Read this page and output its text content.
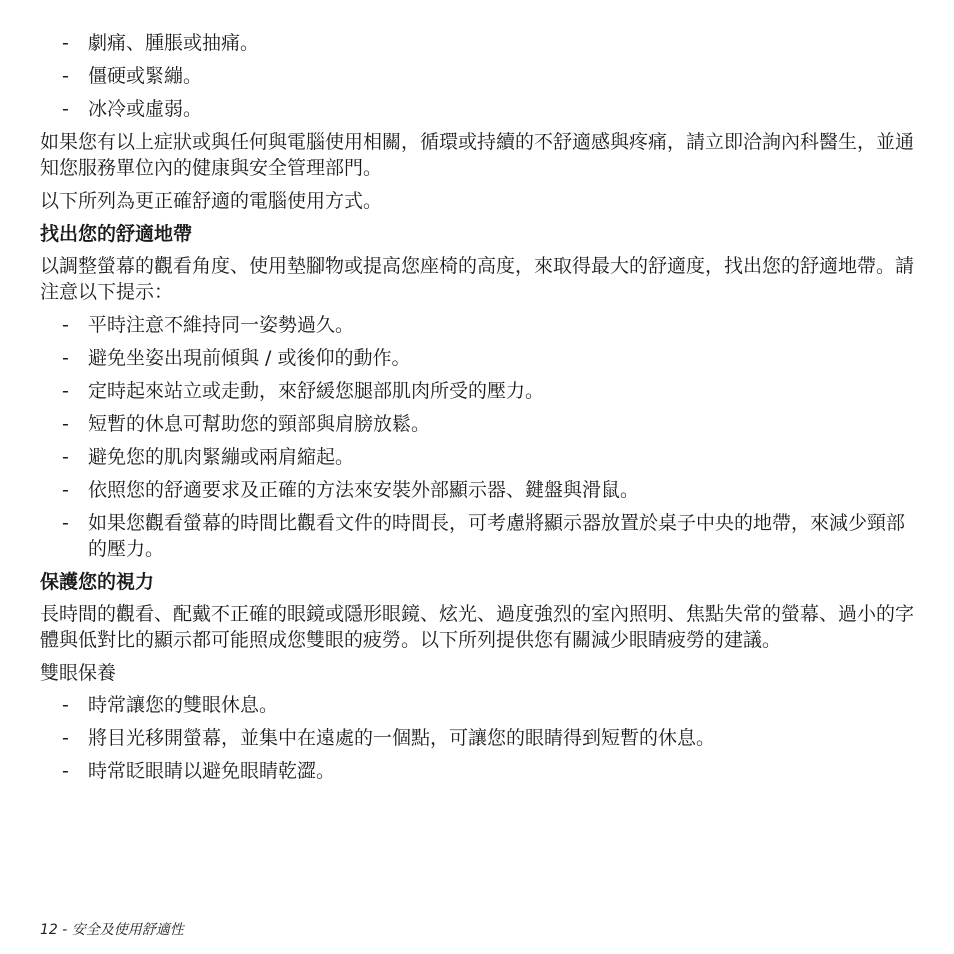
-	劇痛、腫脹或抽痛。
-	僵硬或緊繃。
-	冰冷或虛弱。

如果您有以上症狀或與任何與電腦使用相關，循環或持續的不舒適感與疼痛，請立即洽詢內科醫生，並通知您服務單位內的健康與安全管理部門。

以下所列為更正確舒適的電腦使用方式。

找出您的舒適地帶

以調整螢幕的觀看角度、使用墊腳物或提高您座椅的高度，來取得最大的舒適度，找出您的舒適地帶。請注意以下提示：

-	平時注意不維持同一姿勢過久。
-	避免坐姿出現前傾與 / 或後仰的動作。
-	定時起來站立或走動，來舒緩您腿部肌肉所受的壓力。
-	短暫的休息可幫助您的頸部與肩膀放鬆。
-	避免您的肌肉緊繃或兩肩縮起。
-	依照您的舒適要求及正確的方法來安裝外部顯示器、鍵盤與滑鼠。
-	如果您觀看螢幕的時間比觀看文件的時間長，可考慮將顯示器放置於桌子中央的地帶，來減少頸部的壓力。
保護您的視力

長時間的觀看、配戴不正確的眼鏡或隱形眼鏡、炫光、過度強烈的室內照明、焦點失常的螢幕、過小的字體與低對比的顯示都可能照成您雙眼的疲勞。以下所列提供您有關減少眼睛疲勞的建議。

雙眼保養
-	時常讓您的雙眼休息。
-	將目光移開螢幕，並集中在遠處的一個點，可讓您的眼睛得到短暫的休息。
-	時常眨眼睛以避免眼睛乾澀。
12 - 安全及使用舒適性
